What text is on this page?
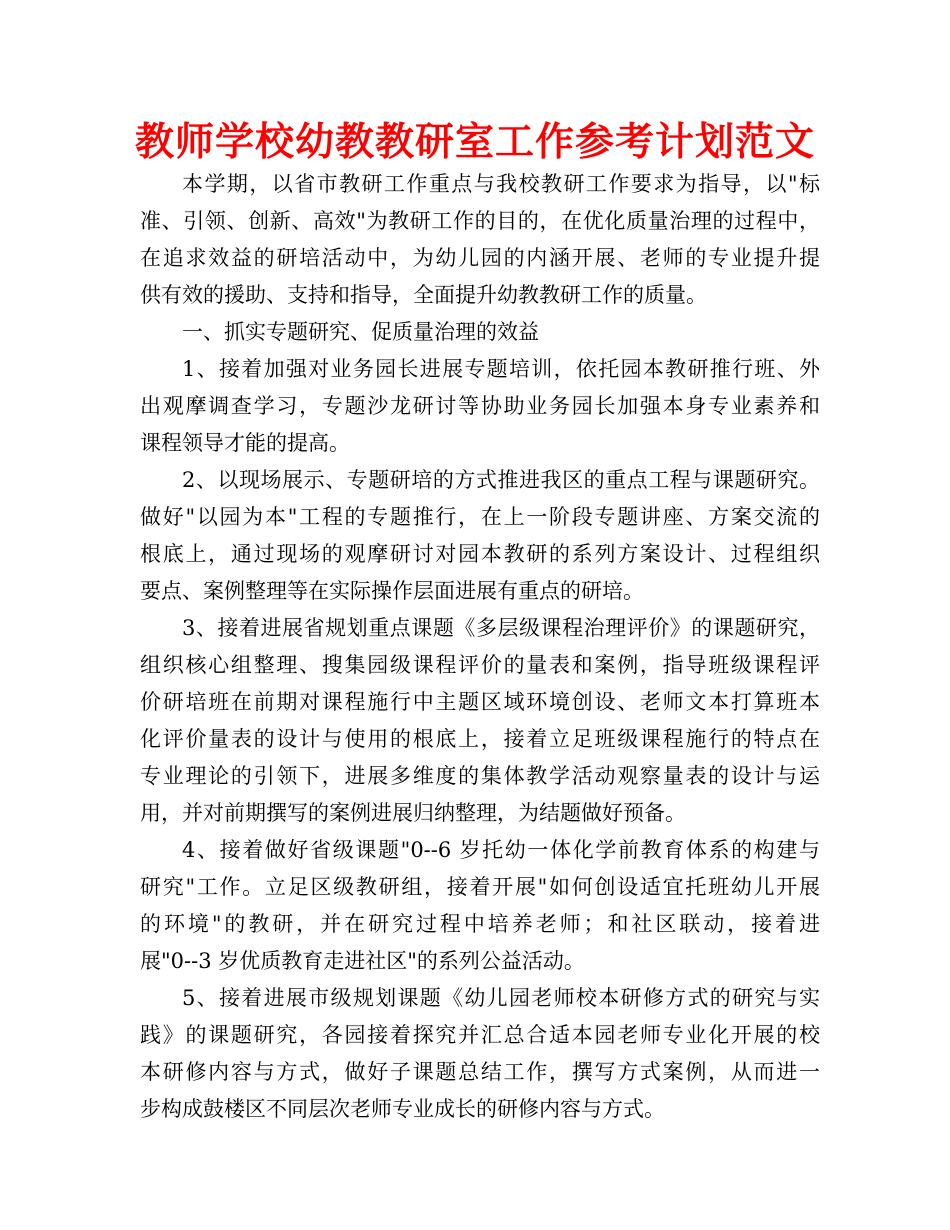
教师学校幼教教研室工作参考计划范文
本学期，以省市教研工作重点与我校教研工作要求为指导，以"标
准、引领、创新、高效"为教研工作的目的，在优化质量治理的过程中，
在追求效益的研培活动中，为幼儿园的内涵开展、老师的专业提升提
供有效的援助、支持和指导，全面提升幼教教研工作的质量。
一、抓实专题研究、促质量治理的效益
1、接着加强对业务园长进展专题培训，依托园本教研推行班、外
出观摩调查学习，专题沙龙研讨等协助业务园长加强本身专业素养和
课程领导才能的提高。
2、以现场展示、专题研培的方式推进我区的重点工程与课题研究。
做好"以园为本"工程的专题推行，在上一阶段专题讲座、方案交流的
根底上，通过现场的观摩研讨对园本教研的系列方案设计、过程组织
要点、案例整理等在实际操作层面进展有重点的研培。
3、接着进展省规划重点课题《多层级课程治理评价》的课题研究，
组织核心组整理、搜集园级课程评价的量表和案例，指导班级课程评
价研培班在前期对课程施行中主题区域环境创设、老师文本打算班本
化评价量表的设计与使用的根底上，接着立足班级课程施行的特点在
专业理论的引领下，进展多维度的集体教学活动观察量表的设计与运
用，并对前期撰写的案例进展归纳整理，为结题做好预备。
4、接着做好省级课题"0--6 岁托幼一体化学前教育体系的构建与
研究"工作。立足区级教研组，接着开展"如何创设适宜托班幼儿开展
的环境"的教研，并在研究过程中培养老师；和社区联动，接着进
展"0--3 岁优质教育走进社区"的系列公益活动。
5、接着进展市级规划课题《幼儿园老师校本研修方式的研究与实
践》的课题研究，各园接着探究并汇总合适本园老师专业化开展的校
本研修内容与方式，做好子课题总结工作，撰写方式案例，从而进一
步构成鼓楼区不同层次老师专业成长的研修内容与方式。
